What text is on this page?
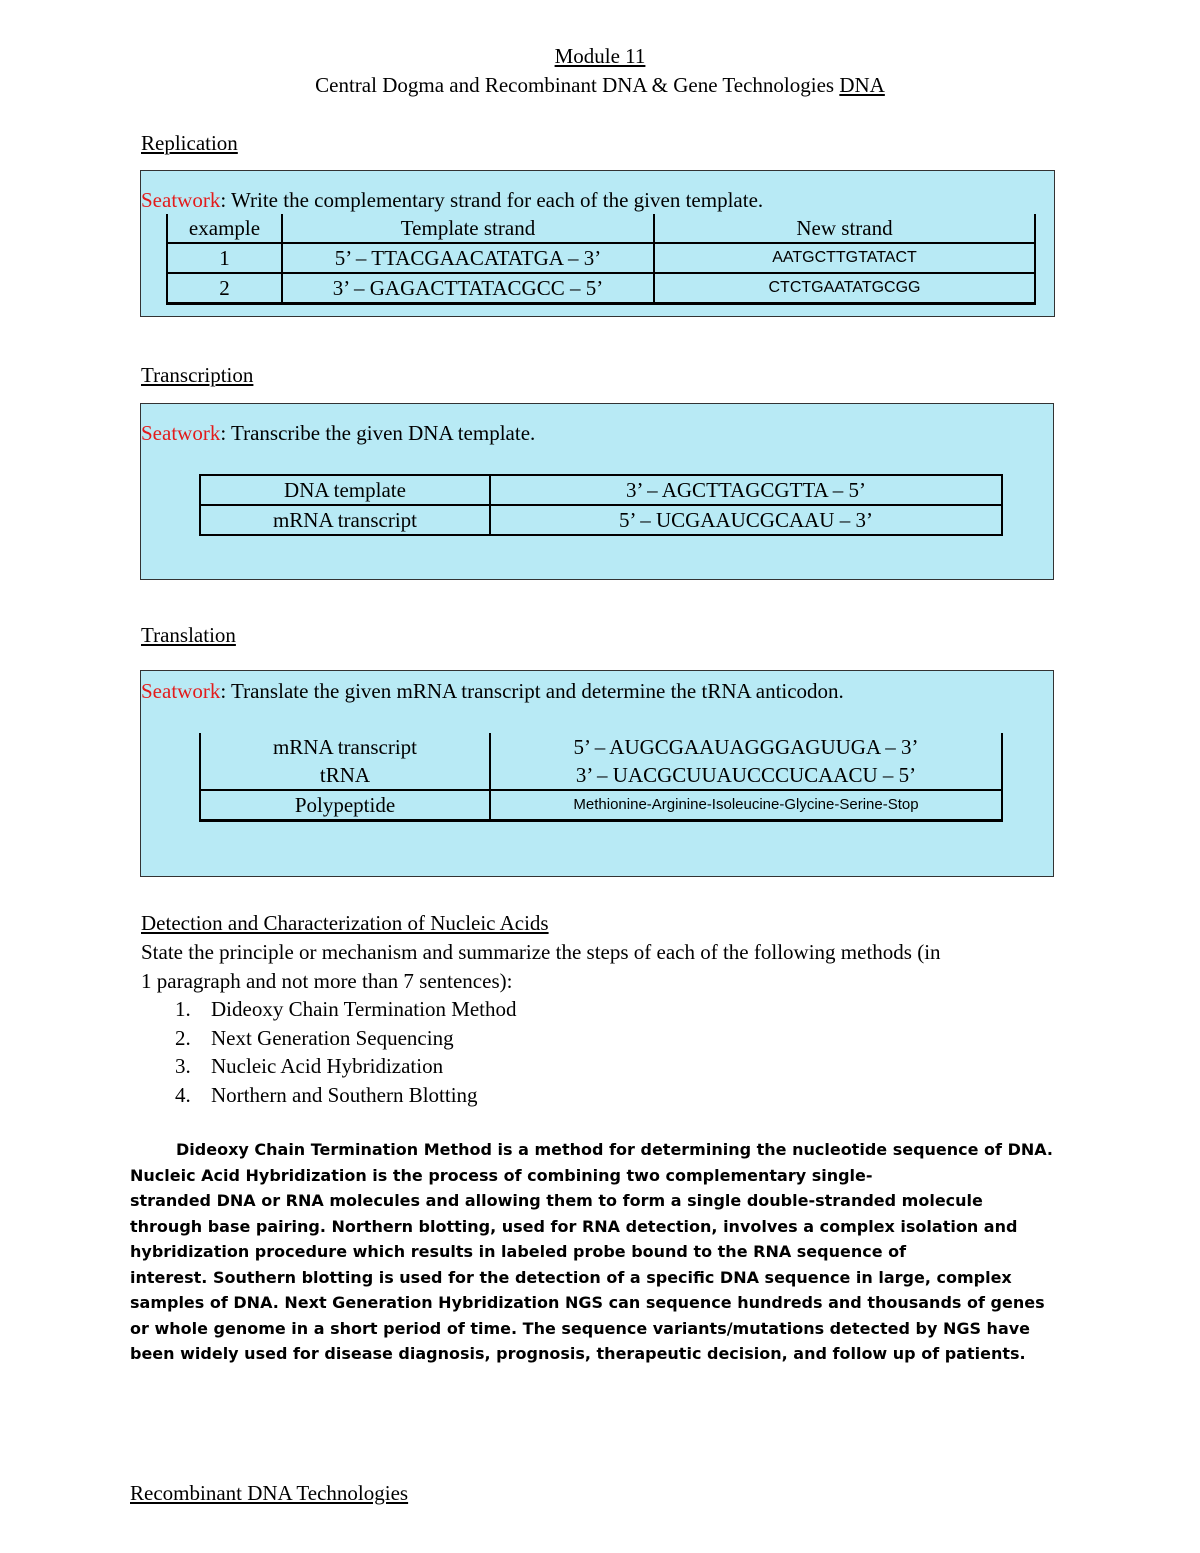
Module 11
Central Dogma and Recombinant DNA & Gene Technologies DNA
Replication
Seatwork: Write the complementary strand for each of the given template.
example	Template strand	New strand
1	5’ – TTACGAACATATGA – 3’	AATGCTTGTATACT
2	3’ – GAGACTTATACGCC – 5’	CTCTGAATATGCGG
Transcription
Seatwork: Transcribe the given DNA template.
DNA template	3’ – AGCTTAGCGTTA – 5’
mRNA transcript	5’ – UCGAAUCGCAAU – 3’
Translation
Seatwork: Translate the given mRNA transcript and determine the tRNA anticodon.
mRNA transcript	5’ – AUGCGAAUAGGGAGUUGA – 3’
tRNA	3’ – UACGCUUAUCCCUCAACU – 5’
Polypeptide	Methionine-Arginine-Isoleucine-Glycine-Serine-Stop
Detection and Characterization of Nucleic Acids
State the principle or mechanism and summarize the steps of each of the following methods (in
1 paragraph and not more than 7 sentences):
1. Dideoxy Chain Termination Method
2. Next Generation Sequencing
3. Nucleic Acid Hybridization
4. Northern and Southern Blotting
Dideoxy Chain Termination Method is a method for determining the nucleotide sequence of DNA.
Nucleic Acid Hybridization is the process of combining two complementary single-
stranded DNA or RNA molecules and allowing them to form a single double-stranded molecule
through base pairing. Northern blotting, used for RNA detection, involves a complex isolation and
hybridization procedure which results in labeled probe bound to the RNA sequence of
interest. Southern blotting is used for the detection of a specific DNA sequence in large, complex
samples of DNA. Next Generation Hybridization NGS can sequence hundreds and thousands of genes
or whole genome in a short period of time. The sequence variants/mutations detected by NGS have
been widely used for disease diagnosis, prognosis, therapeutic decision, and follow up of patients.
Recombinant DNA Technologies
